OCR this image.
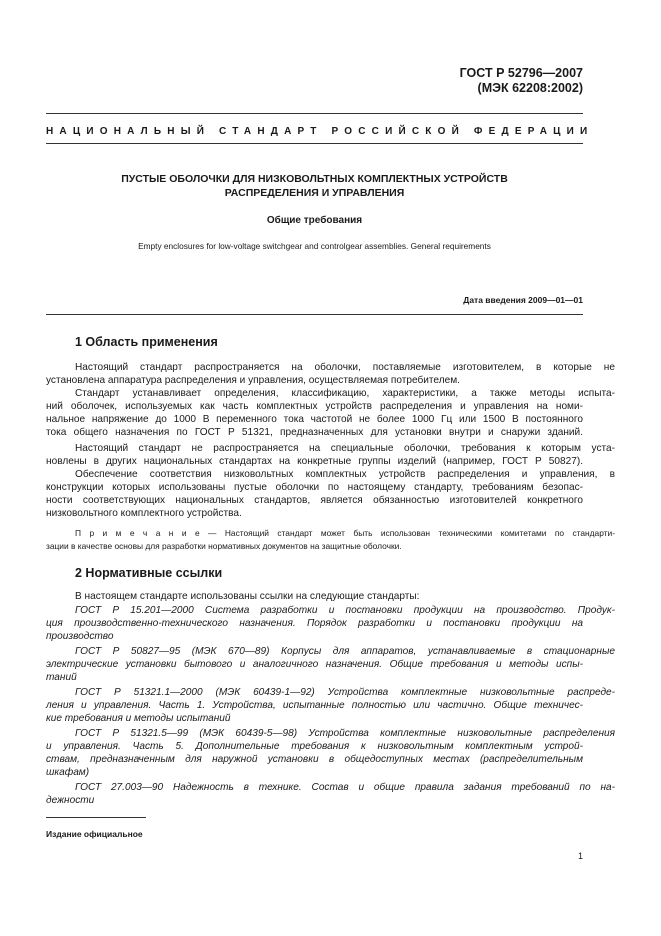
ГОСТ Р 52796—2007
(МЭК 62208:2002)
НАЦИОНАЛЬНЫЙ СТАНДАРТ РОССИЙСКОЙ ФЕДЕРАЦИИ
ПУСТЫЕ ОБОЛОЧКИ ДЛЯ НИЗКОВОЛЬТНЫХ КОМПЛЕКТНЫХ УСТРОЙСТВ
РАСПРЕДЕЛЕНИЯ И УПРАВЛЕНИЯ
Общие требования
Empty enclosures for low-voltage switchgear and controlgear assemblies. General requirements
Дата введения 2009—01—01
1 Область применения
Настоящий стандарт распространяется на оболочки, поставляемые изготовителем, в которые не
установлена аппаратура распределения и управления, осуществляемая потребителем.
Стандарт устанавливает определения, классификацию, характеристики, а также методы испыта-
ний оболочек, используемых как часть комплектных устройств распределения и управления на номи-
нальное напряжение до 1000 В переменного тока частотой не более 1000 Гц или 1500 В постоянного
тока общего назначения по ГОСТ Р 51321, предназначенных для установки внутри и снаружи зданий.
Настоящий стандарт не распространяется на специальные оболочки, требования к которым уста-
новлены в других национальных стандартах на конкретные группы изделий (например, ГОСТ Р 50827).
Обеспечение соответствия низковольтных комплектных устройств распределения и управления, в
конструкции которых использованы пустые оболочки по настоящему стандарту, требованиям безопас-
ности соответствующих национальных стандартов, является обязанностью изготовителей конкретного
низковольтного комплектного устройства.
П р и м е ч а н и е — Настоящий стандарт может быть использован техническими комитетами по стандарти-
зации в качестве основы для разработки нормативных документов на защитные оболочки.
2 Нормативные ссылки
В настоящем стандарте использованы ссылки на следующие стандарты:
ГОСТ Р 15.201—2000 Система разработки и постановки продукции на производство. Продук-
ция производственно-технического назначения. Порядок разработки и постановки продукции на
производство
ГОСТ Р 50827—95 (МЭК 670—89) Корпусы для аппаратов, устанавливаемые в стационарные
электрические установки бытового и аналогичного назначения. Общие требования и методы испы-
таний
ГОСТ Р 51321.1—2000 (МЭК 60439-1—92) Устройства комплектные низковольтные распреде-
ления и управления. Часть 1. Устройства, испытанные полностью или частично. Общие техничес-
кие требования и методы испытаний
ГОСТ Р 51321.5—99 (МЭК 60439-5—98) Устройства комплектные низковольтные распределения
и управления. Часть 5. Дополнительные требования к низковольтным комплектным устрой-
ствам, предназначенным для наружной установки в общедоступных местах (распределительным
шкафам)
ГОСТ 27.003—90 Надежность в технике. Состав и общие правила задания требований по на-
дежности
Издание официальное
1
